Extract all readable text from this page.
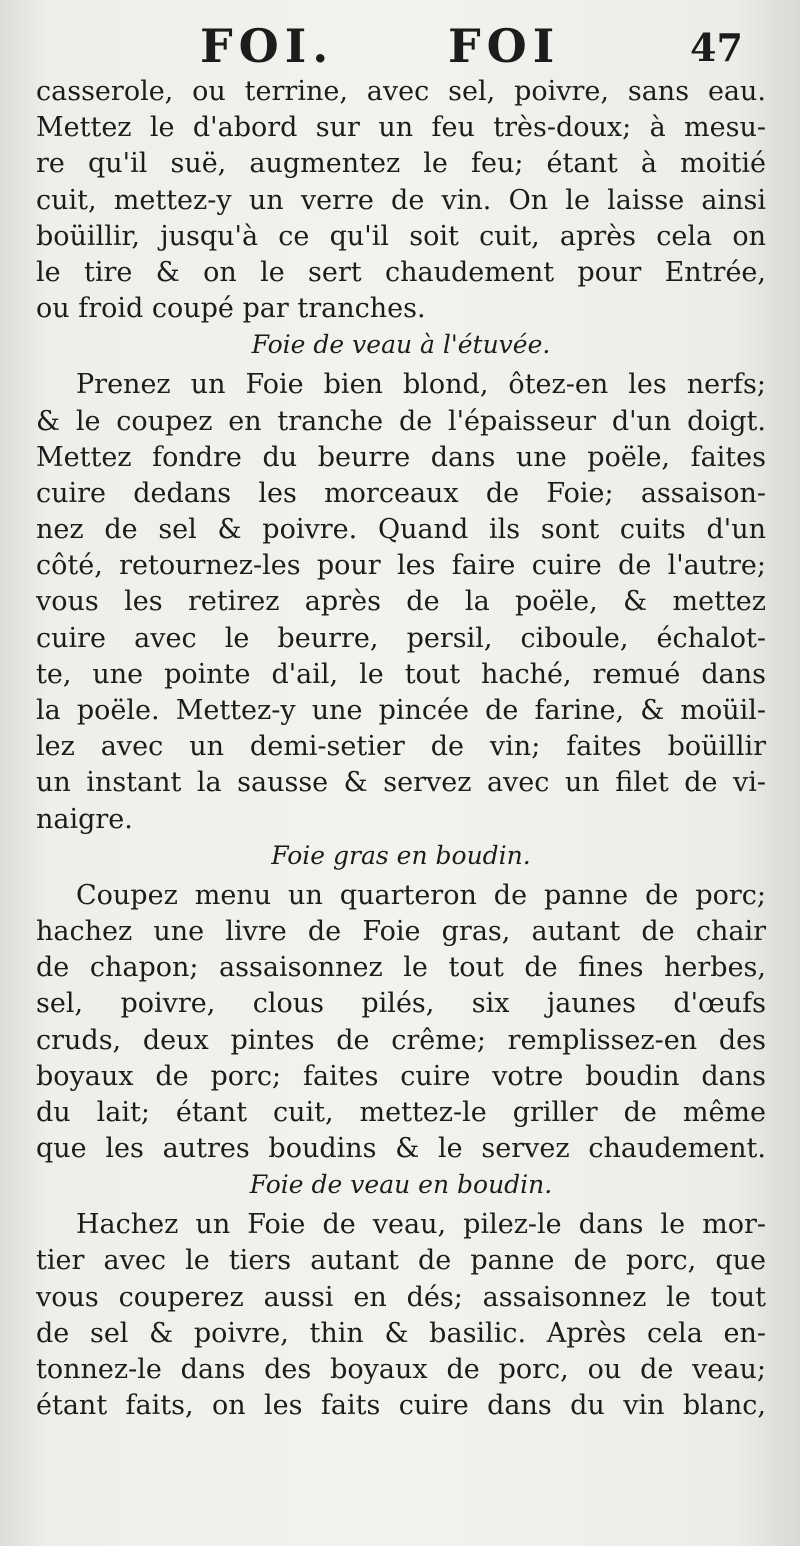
FOI. FOI	47
casserole, ou terrine, avec sel, poivre, sans eau.
Mettez le d'abord sur un feu très-doux; à mesu-
re qu'il suë, augmentez le feu; étant à moitié
cuit, mettez-y un verre de vin. On le laisse ainsi
boüillir, jusqu'à ce qu'il soit cuit, après cela on
le tire & on le sert chaudement pour Entrée,
ou froid coupé par tranches.
Foie de veau à l'étuvée.
Prenez un Foie bien blond, ôtez-en les nerfs;
& le coupez en tranche de l'épaisseur d'un doigt.
Mettez fondre du beurre dans une poële, faites
cuire dedans les morceaux de Foie; assaison-
nez de sel & poivre. Quand ils sont cuits d'un
côté, retournez-les pour les faire cuire de l'autre;
vous les retirez après de la poële, & mettez
cuire avec le beurre, persil, ciboule, échalot-
te, une pointe d'ail, le tout haché, remué dans
la poële. Mettez-y une pincée de farine, & moüil-
lez avec un demi-setier de vin; faites boüillir
un instant la sausse & servez avec un filet de vi-
naigre.
Foie gras en boudin.
Coupez menu un quarteron de panne de porc;
hachez une livre de Foie gras, autant de chair
de chapon; assaisonnez le tout de fines herbes,
sel, poivre, clous pilés, six jaunes d'œufs
cruds, deux pintes de crême; remplissez-en des
boyaux de porc; faites cuire votre boudin dans
du lait; étant cuit, mettez-le griller de même
que les autres boudins & le servez chaudement.
Foie de veau en boudin.
Hachez un Foie de veau, pilez-le dans le mor-
tier avec le tiers autant de panne de porc, que
vous couperez aussi en dés; assaisonnez le tout
de sel & poivre, thin & basilic. Après cela en-
tonnez-le dans des boyaux de porc, ou de veau;
étant faits, on les faits cuire dans du vin blanc,
